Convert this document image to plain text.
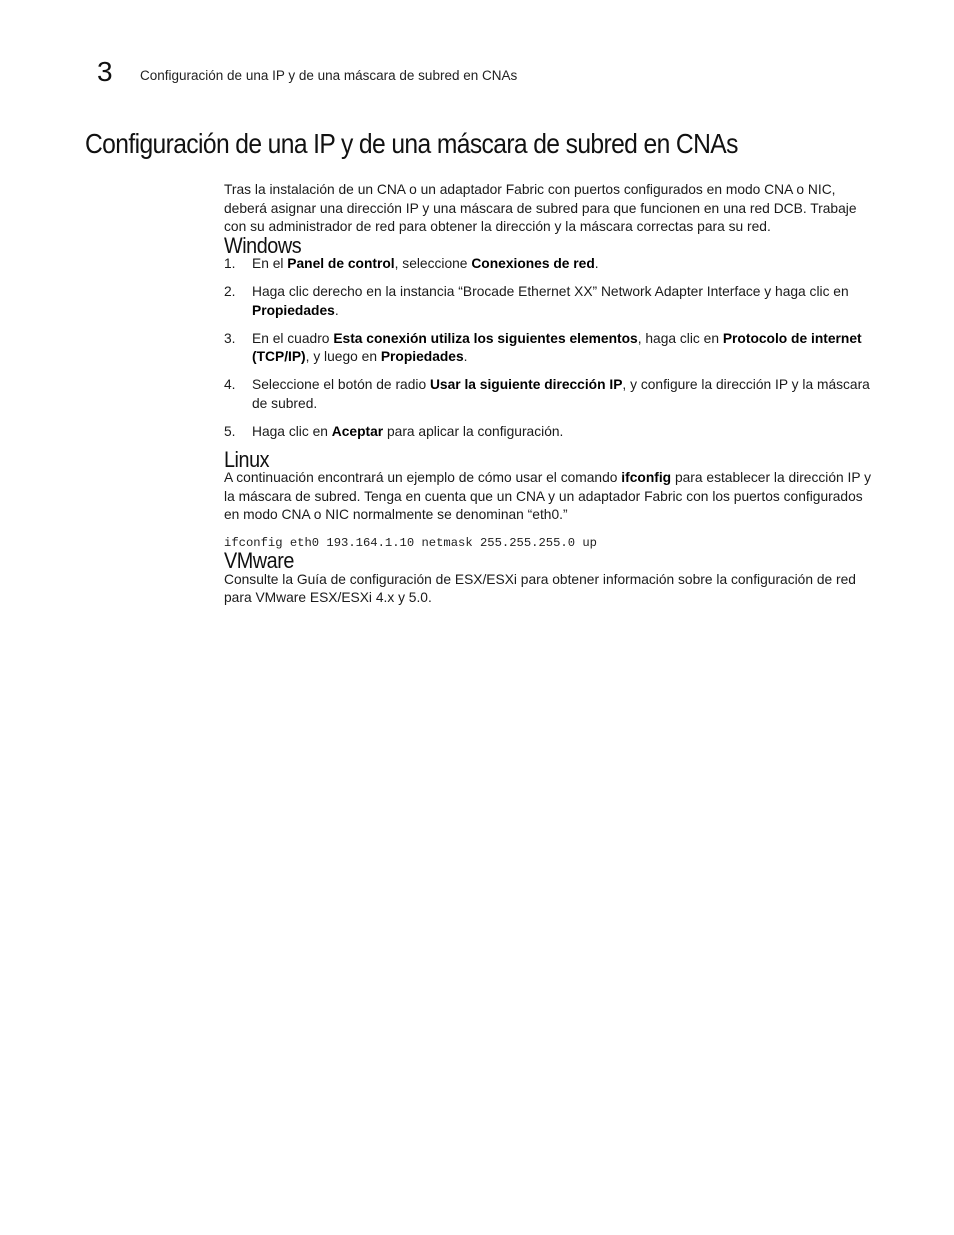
3	Configuración de una IP y de una máscara de subred en CNAs
Configuración de una IP y de una máscara de subred en CNAs

Tras la instalación de un CNA o un adaptador Fabric con puertos configurados en modo CNA o NIC, deberá asignar una dirección IP y una máscara de subred para que funcionen en una red DCB. Trabaje con su administrador de red para obtener la dirección y la máscara correctas para su red.

Windows
1.	En el Panel de control, seleccione Conexiones de red.
2.	Haga clic derecho en la instancia “Brocade Ethernet XX” Network Adapter Interface y haga clic en Propiedades.
3.	En el cuadro Esta conexión utiliza los siguientes elementos, haga clic en Protocolo de internet (TCP/IP), y luego en Propiedades.
4.	Seleccione el botón de radio Usar la siguiente dirección IP, y configure la dirección IP y la máscara de subred.
5.	Haga clic en Aceptar para aplicar la configuración.
Linux

A continuación encontrará un ejemplo de cómo usar el comando ifconfig para establecer la dirección IP y la máscara de subred. Tenga en cuenta que un CNA y un adaptador Fabric con los puertos configurados en modo CNA o NIC normalmente se denominan “eth0.”

ifconfig eth0 193.164.1.10 netmask 255.255.255.0 up

VMware

Consulte la Guía de configuración de ESX/ESXi para obtener información sobre la configuración de red para VMware ESX/ESXi 4.x y 5.0.
